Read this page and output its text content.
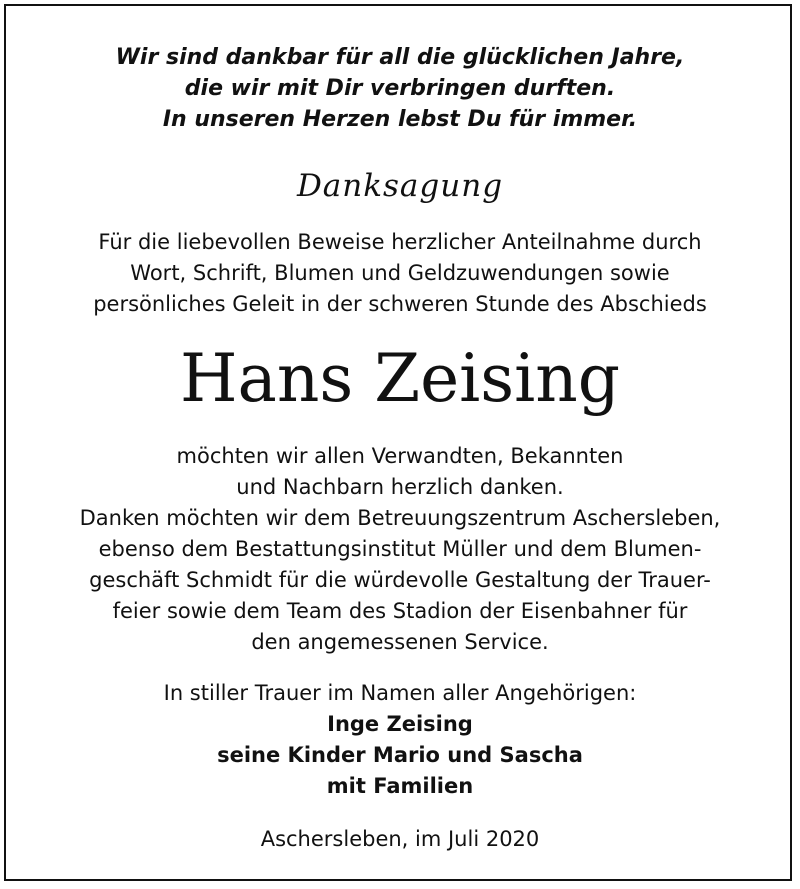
Wir sind dankbar für all die glücklichen Jahre,
die wir mit Dir verbringen durften.
In unseren Herzen lebst Du für immer.
Danksagung
Für die liebevollen Beweise herzlicher Anteilnahme durch
Wort, Schrift, Blumen und Geldzuwendungen sowie
persönliches Geleit in der schweren Stunde des Abschieds
Hans Zeising
möchten wir allen Verwandten, Bekannten
und Nachbarn herzlich danken.
Danken möchten wir dem Betreuungszentrum Aschersleben,
ebenso dem Bestattungsinstitut Müller und dem Blumen-
geschäft Schmidt für die würdevolle Gestaltung der Trauer-
feier sowie dem Team des Stadion der Eisenbahner für
den angemessenen Service.
In stiller Trauer im Namen aller Angehörigen:
Inge Zeising
seine Kinder Mario und Sascha
mit Familien
Aschersleben, im Juli 2020
